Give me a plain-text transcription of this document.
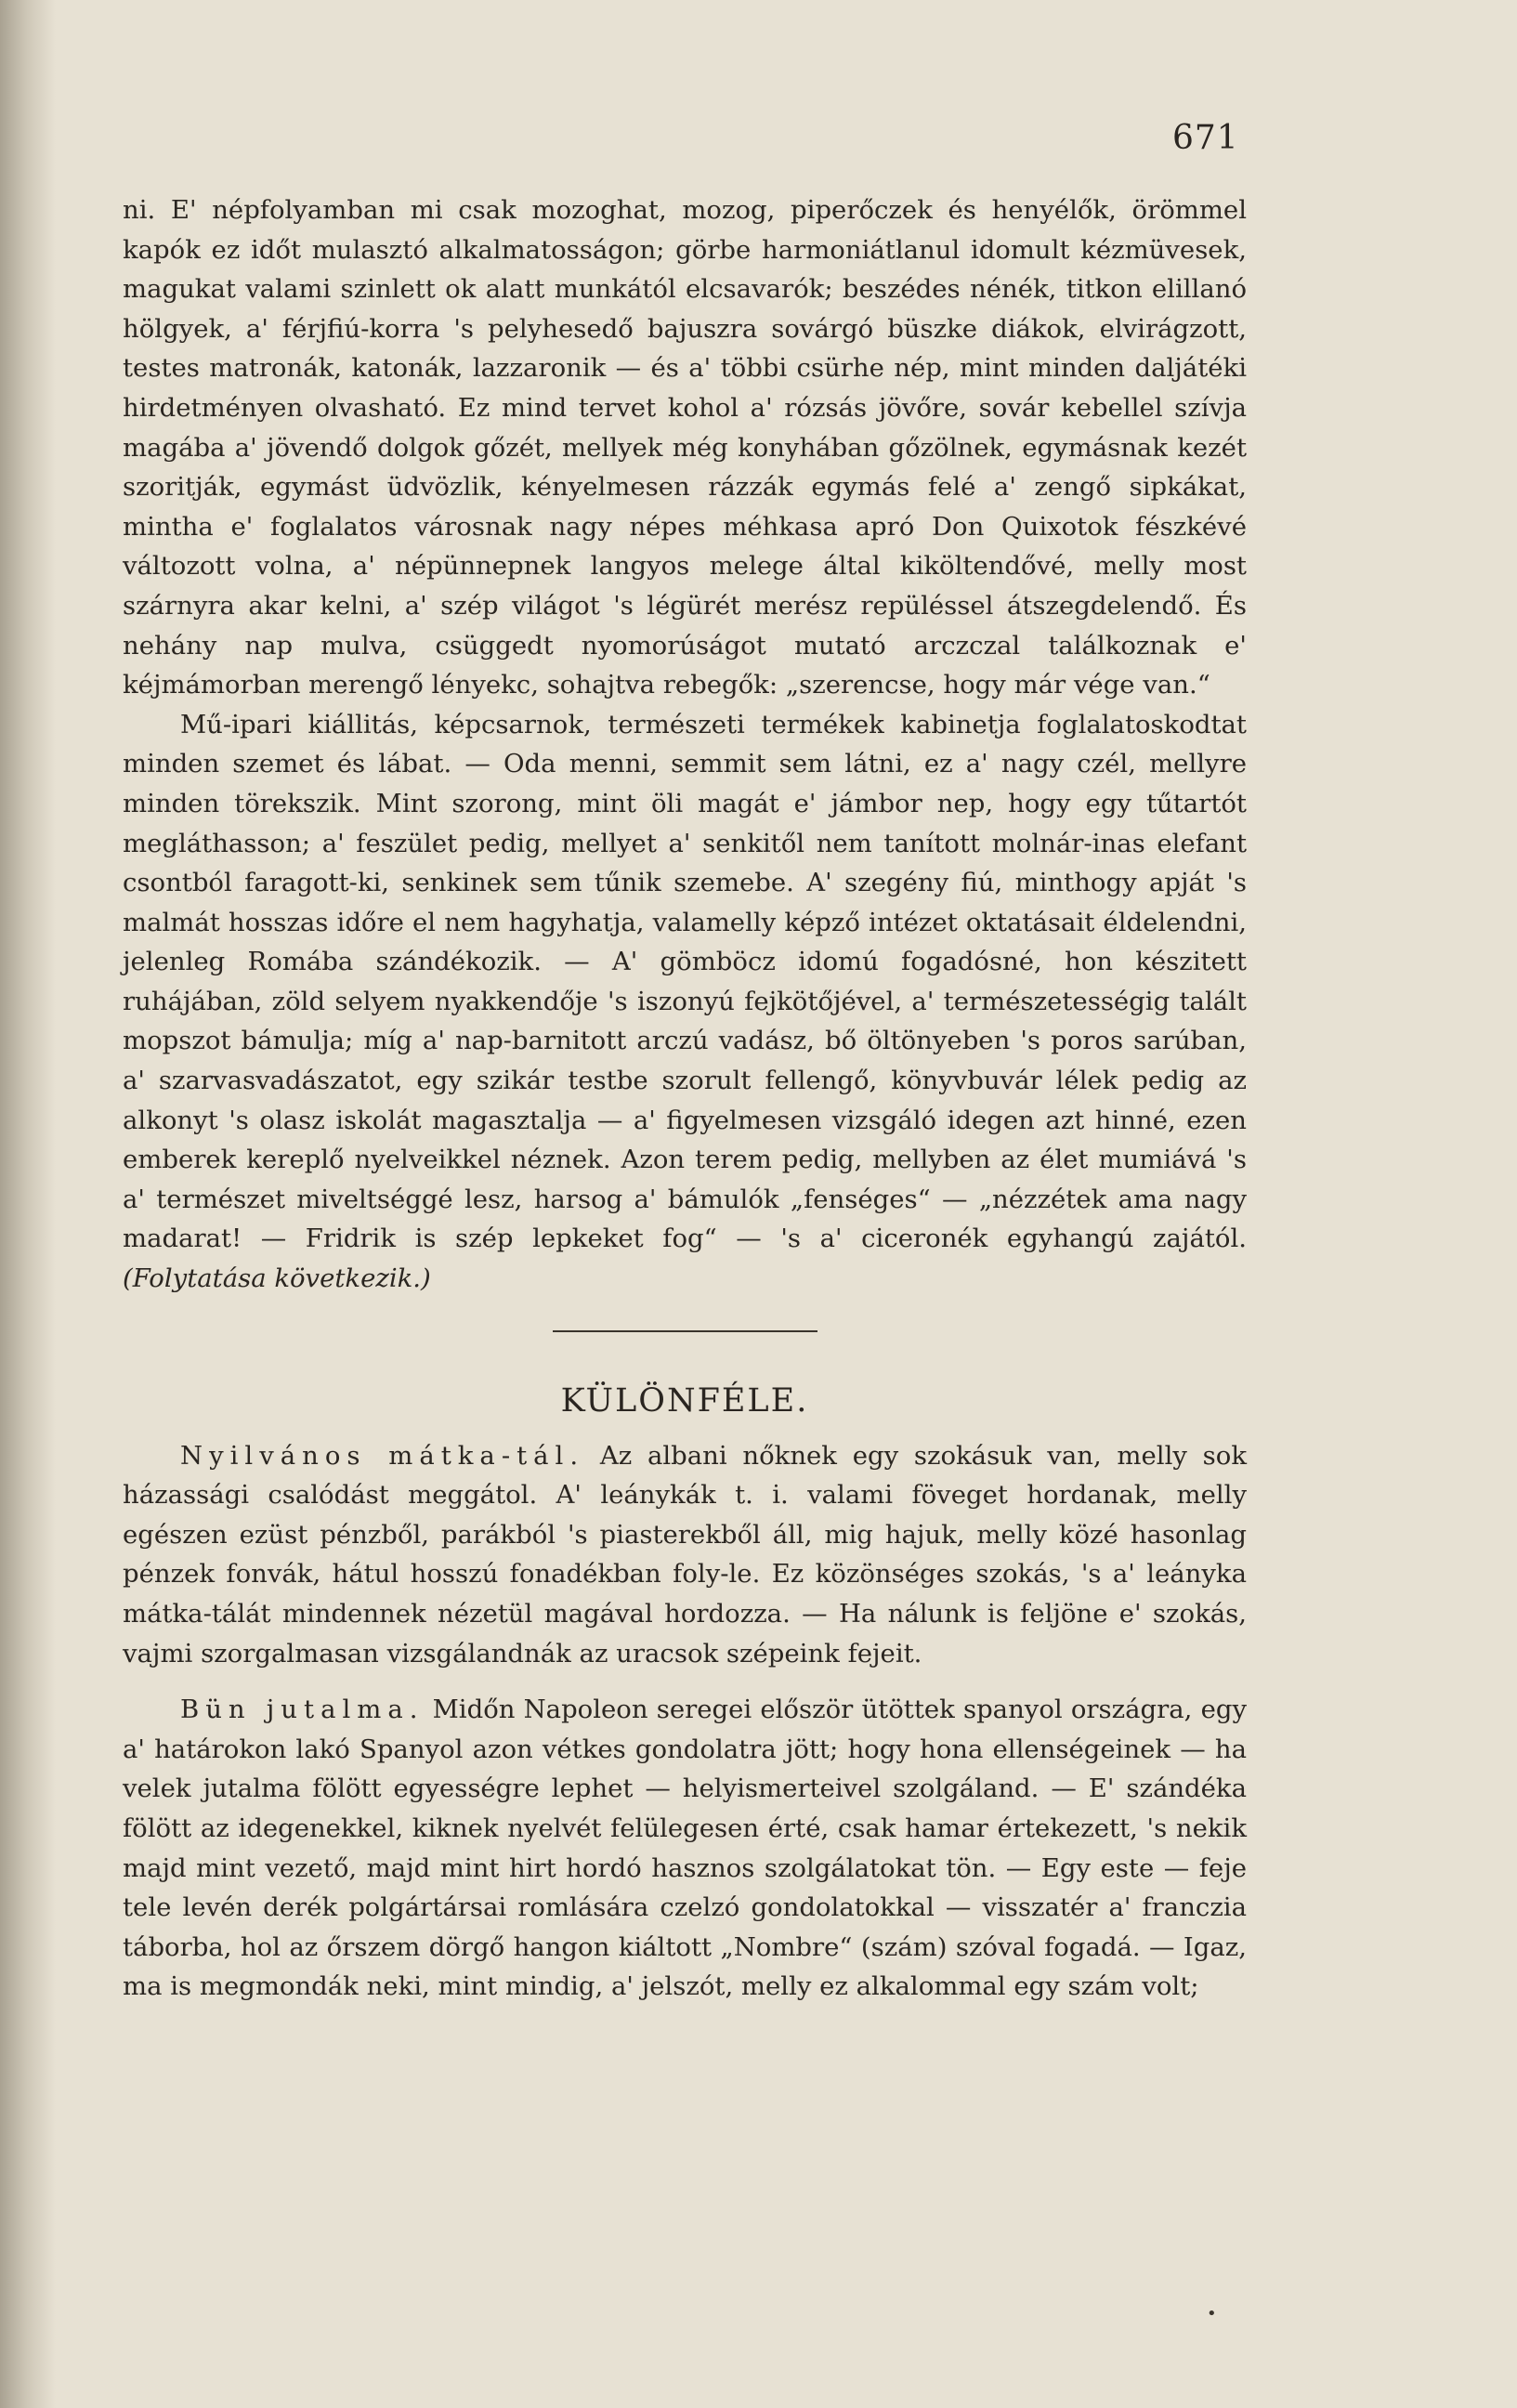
671

ni. E' népfolyamban mi csak mozoghat, mozog, piperőczek és henyélők, örömmel kapók ez időt mulasztó alkalmatosságon; görbe harmoniátlanul idomult kézmüvesek, magukat valami szinlett ok alatt munkától elcsavarók; beszédes nénék, titkon elillanó hölgyek, a' férjfiú-korra 's pelyhesedő bajuszra sovárgó büszke diákok, elvirágzott, testes matronák, katonák, lazzaronik — és a' többi csürhe nép, mint minden daljátéki hirdetményen olvasható. Ez mind tervet kohol a' rózsás jövőre, sovár kebellel szívja magába a' jövendő dolgok gőzét, mellyek még konyhában gőzölnek, egymásnak kezét szoritják, egymást üdvözlik, kényelmesen rázzák egymás felé a' zengő sipkákat, mintha e' foglalatos városnak nagy népes méhkasa apró Don Quixotok fészkévé változott volna, a' népünnepnek langyos melege által kiköltendővé, melly most szárnyra akar kelni, a' szép világot 's légürét merész repüléssel átszegdelendő. És nehány nap mulva, csüggedt nyomorúságot mutató arczczal találkoznak e' kéjmámorban merengő lényekc, sohajtva rebegők: „szerencse, hogy már vége van.“

Mű-ipari kiállitás, képcsarnok, természeti termékek kabinetja foglalatoskodtat minden szemet és lábat. — Oda menni, semmit sem látni, ez a' nagy czél, mellyre minden törekszik. Mint szorong, mint öli magát e' jámbor nep, hogy egy tűtartót megláthasson; a' feszület pedig, mellyet a' senkitől nem tanított molnár-inas elefant csontból faragott-ki, senkinek sem tűnik szemebe. A' szegény fiú, minthogy apját 's malmát hosszas időre el nem hagyhatja, valamelly képző intézet oktatásait éldelendni, jelenleg Romába szándékozik. — A' gömböcz idomú fogadósné, hon készitett ruhájában, zöld selyem nyakkendője 's iszonyú fejkötőjével, a' természetességig talált mopszot bámulja; míg a' nap-barnitott arczú vadász, bő öltönyeben 's poros sarúban, a' szarvasvadászatot, egy szikár testbe szorult fellengő, könyvbuvár lélek pedig az alkonyt 's olasz iskolát magasztalja — a' figyelmesen vizsgáló idegen azt hinné, ezen emberek kereplő nyelveikkel néznek. Azon terem pedig, mellyben az élet mumiává 's a' természet miveltséggé lesz, harsog a' bámulók „fenséges“ — „nézzétek ama nagy madarat! — Fridrik is szép lepkeket fog“ — 's a' ciceronék egyhangú zajától. (Folytatása következik.)

KÜLÖNFÉLE.

Nyilvános mátka-tál. Az albani nőknek egy szokásuk van, melly sok házassági csalódást meggátol. A' leánykák t. i. valami föveget hordanak, melly egészen ezüst pénzből, parákból 's piasterekből áll, mig hajuk, melly közé hasonlag pénzek fonvák, hátul hosszú fonadékban foly-le. Ez közönséges szokás, 's a' leányka mátka-tálát mindennek nézetül magával hordozza. — Ha nálunk is feljöne e' szokás, vajmi szorgalmasan vizsgálandnák az uracsok szépeink fejeit.

Bün jutalma. Midőn Napoleon seregei először ütöttek spanyol országra, egy a' határokon lakó Spanyol azon vétkes gondolatra jött; hogy hona ellenségeinek — ha velek jutalma fölött egyességre lephet — helyismerteivel szolgáland. — E' szándéka fölött az idegenekkel, kiknek nyelvét felülegesen érté, csak hamar értekezett, 's nekik majd mint vezető, majd mint hirt hordó hasznos szolgálatokat tön. — Egy este — feje tele levén derék polgártársai romlására czelzó gondolatokkal — visszatér a' franczia táborba, hol az őrszem dörgő hangon kiáltott „Nombre“ (szám) szóval fogadá. — Igaz, ma is megmondák neki, mint mindig, a' jelszót, melly ez alkalommal egy szám volt;

•
